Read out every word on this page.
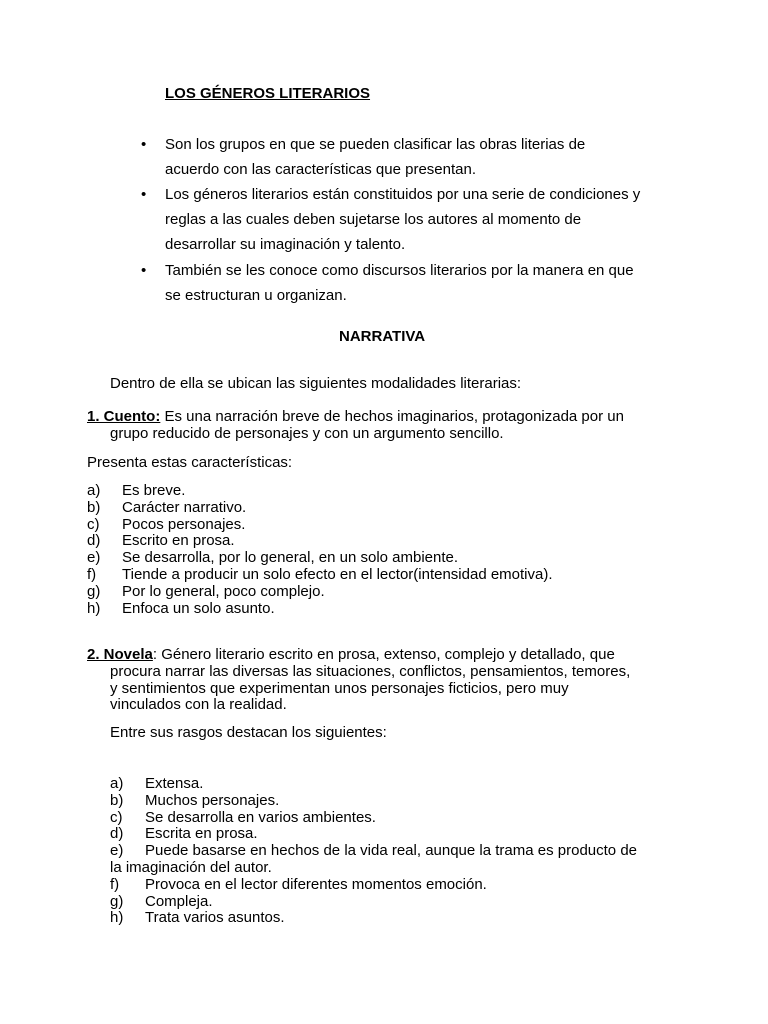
LOS GÉNEROS LITERARIOS
• Son los grupos en que se pueden clasificar las obras literias de
acuerdo con las características que presentan.
• Los géneros literarios están constituidos por una serie de condiciones y
reglas a las cuales deben sujetarse los autores al momento de
desarrollar su imaginación y talento.
• También se les conoce como discursos literarios por la manera en que
se estructuran u organizan.
NARRATIVA
Dentro de ella se ubican las siguientes modalidades literarias:
1. Cuento: Es una narración breve de hechos imaginarios, protagonizada por un
grupo reducido de personajes y con un argumento sencillo.
Presenta estas características:
a) Es breve.
b) Carácter narrativo.
c) Pocos personajes.
d) Escrito en prosa.
e) Se desarrolla, por lo general, en un solo ambiente.
f) Tiende a producir un solo efecto en el lector(intensidad emotiva).
g) Por lo general, poco complejo.
h) Enfoca un solo asunto.
2. Novela: Género literario escrito en prosa, extenso, complejo y detallado, que
procura narrar las diversas las situaciones, conflictos, pensamientos, temores,
y sentimientos que experimentan unos personajes ficticios, pero muy
vinculados con la realidad.
Entre sus rasgos destacan los siguientes:
a) Extensa.
b) Muchos personajes.
c) Se desarrolla en varios ambientes.
d) Escrita en prosa.
e) Puede basarse en hechos de la vida real, aunque la trama es producto de
la imaginación del autor.
f) Provoca en el lector diferentes momentos emoción.
g) Compleja.
h) Trata varios asuntos.
